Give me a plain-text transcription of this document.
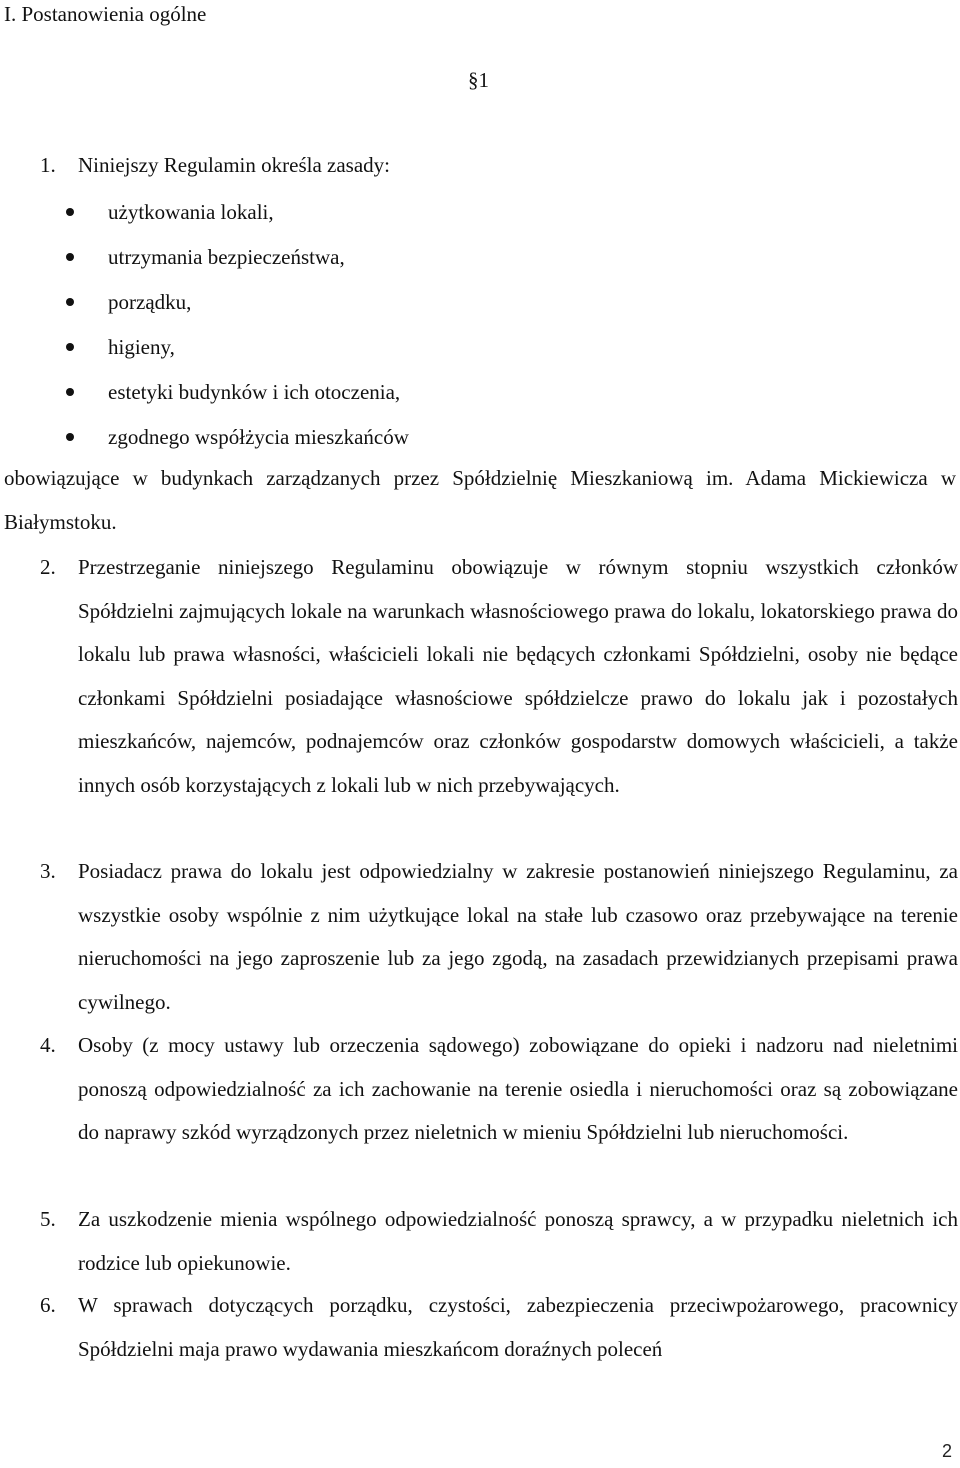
I. Postanowienia ogólne
§1
1.	Niniejszy Regulamin określa zasady:

użytkowania lokali,
utrzymania bezpieczeństwa,
porządku,
higieny,
estetyki budynków i ich otoczenia,
zgodnego współżycia mieszkańców

obowiązujące w budynkach zarządzanych przez Spółdzielnię Mieszkaniową im. Adama Mickiewicza w Białymstoku.

2.	Przestrzeganie niniejszego Regulaminu obowiązuje w równym stopniu wszystkich członków Spółdzielni zajmujących lokale na warunkach własnościowego prawa do lokalu, lokatorskiego prawa do lokalu lub prawa własności, właścicieli lokali nie będących członkami Spółdzielni, osoby nie będące członkami Spółdzielni posiadające własnościowe spółdzielcze prawo do lokalu jak i pozostałych mieszkańców, najemców, podnajemców oraz członków gospodarstw domowych właścicieli, a także innych osób korzystających z lokali lub w nich przebywających.

3.	Posiadacz prawa do lokalu jest odpowiedzialny w zakresie postanowień niniejszego Regulaminu, za wszystkie osoby wspólnie z nim użytkujące lokal na stałe lub czasowo oraz przebywające na terenie nieruchomości na jego zaproszenie lub za jego zgodą, na zasadach przewidzianych przepisami prawa cywilnego.

4.	Osoby (z mocy ustawy lub orzeczenia sądowego) zobowiązane do opieki i nadzoru nad nieletnimi ponoszą odpowiedzialność za ich zachowanie na terenie osiedla i nieruchomości oraz są zobowiązane do naprawy szkód wyrządzonych przez nieletnich w mieniu Spółdzielni lub nieruchomości.

5.	Za uszkodzenie mienia wspólnego odpowiedzialność ponoszą sprawcy, a w przypadku nieletnich ich rodzice lub opiekunowie.

6.	W sprawach dotyczących porządku, czystości, zabezpieczenia przeciwpożarowego, pracownicy Spółdzielni maja prawo wydawania mieszkańcom doraźnych poleceń

2
